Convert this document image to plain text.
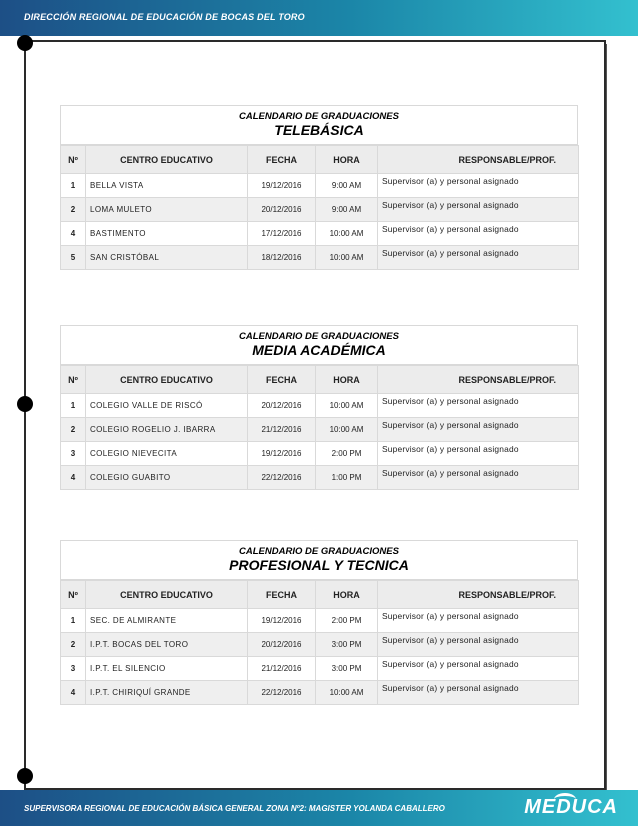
DIRECCIÓN REGIONAL DE EDUCACIÓN DE BOCAS DEL TORO
CALENDARIO DE GRADUACIONES
TELEBÁSICA
Nº	CENTRO EDUCATIVO	FECHA	HORA	RESPONSABLE/PROF.
1	BELLA VISTA	19/12/2016	9:00 AM	Supervisor (a) y personal asignado
2	LOMA MULETO	20/12/2016	9:00 AM	Supervisor (a) y personal asignado
4	BASTIMENTO	17/12/2016	10:00 AM	Supervisor (a) y personal asignado
5	SAN CRISTÓBAL	18/12/2016	10:00 AM	Supervisor (a) y personal asignado
CALENDARIO DE GRADUACIONES
MEDIA ACADÉMICA
Nº	CENTRO EDUCATIVO	FECHA	HORA	RESPONSABLE/PROF.
1	COLEGIO VALLE DE RISCÓ	20/12/2016	10:00 AM	Supervisor (a) y personal asignado
2	COLEGIO ROGELIO J. IBARRA	21/12/2016	10:00 AM	Supervisor (a) y personal asignado
3	COLEGIO NIEVECITA	19/12/2016	2:00 PM	Supervisor (a) y personal asignado
4	COLEGIO GUABITO	22/12/2016	1:00 PM	Supervisor (a) y personal asignado
CALENDARIO DE GRADUACIONES
PROFESIONAL Y TECNICA
Nº	CENTRO EDUCATIVO	FECHA	HORA	RESPONSABLE/PROF.
1	SEC. DE ALMIRANTE	19/12/2016	2:00 PM	Supervisor (a) y personal asignado
2	I.P.T. BOCAS DEL TORO	20/12/2016	3:00 PM	Supervisor (a) y personal asignado
3	I.P.T. EL SILENCIO	21/12/2016	3:00 PM	Supervisor (a) y personal asignado
4	I.P.T. CHIRIQUÍ GRANDE	22/12/2016	10:00 AM	Supervisor (a) y personal asignado
SUPERVISORA REGIONAL DE EDUCACIÓN BÁSICA GENERAL ZONA Nº2: MAGISTER YOLANDA CABALLERO	MEDUCA
